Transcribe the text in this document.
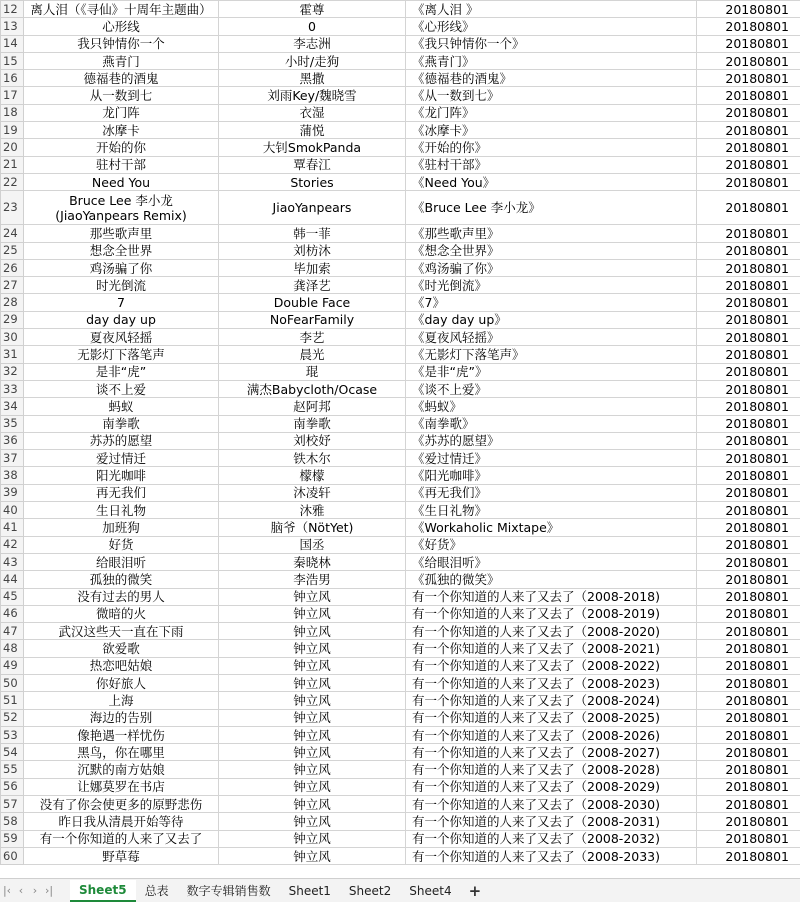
12	离人泪（《寻仙》十周年主题曲）	霍尊	《离人泪 》	20180801
13	心形线	0	《心形线》	20180801
14	我只钟情你一个	李志洲	《我只钟情你一个》	20180801
15	燕青门	小时/走狗	《燕青门》	20180801
16	德福巷的酒鬼	黑撒	《德福巷的酒鬼》	20180801
17	从一数到七	刘雨Key/魏晓雪	《从一数到七》	20180801
18	龙门阵	衣湿	《龙门阵》	20180801
19	冰摩卡	蒲悦	《冰摩卡》	20180801
20	开始的你	大钊SmokPanda	《开始的你》	20180801
21	驻村干部	覃春江	《驻村干部》	20180801
22	Need You	Stories	《Need You》	20180801
23	Bruce Lee 李小龙 (JiaoYanpears Remix)	JiaoYanpears	《Bruce Lee 李小龙》	20180801
24	那些歌声里	韩一菲	《那些歌声里》	20180801
25	想念全世界	刘枋沐	《想念全世界》	20180801
26	鸡汤骗了你	毕加索	《鸡汤骗了你》	20180801
27	时光倒流	龚泽艺	《时光倒流》	20180801
28	7	Double Face	《7》	20180801
29	day day up	NoFearFamily	《day day up》	20180801
30	夏夜风轻摇	李艺	《夏夜风轻摇》	20180801
31	无影灯下落笔声	晨光	《无影灯下落笔声》	20180801
32	是非“虎”	琨	《是非“虎”》	20180801
33	谈不上爱	满杰Babycloth/Ocase	《谈不上爱》	20180801
34	蚂蚁	赵阿邦	《蚂蚁》	20180801
35	南拳歌	南拳歌	《南拳歌》	20180801
36	苏苏的愿望	刘校妤	《苏苏的愿望》	20180801
37	爱过情迁	铁木尔	《爱过情迁》	20180801
38	阳光咖啡	檬檬	《阳光咖啡》	20180801
39	再无我们	沐凌轩	《再无我们》	20180801
40	生日礼物	沐雅	《生日礼物》	20180801
41	加班狗	脑爷（NötYet)	《Workaholic Mixtape》	20180801
42	好货	国丞	《好货》	20180801
43	给眼泪听	秦晓林	《给眼泪听》	20180801
44	孤独的微笑	李浩男	《孤独的微笑》	20180801
45	没有过去的男人	钟立风	有一个你知道的人来了又去了（2008-2018)	20180801
46	微暗的火	钟立风	有一个你知道的人来了又去了（2008-2019)	20180801
47	武汉这些天一直在下雨	钟立风	有一个你知道的人来了又去了（2008-2020)	20180801
48	欲爱歌	钟立风	有一个你知道的人来了又去了（2008-2021)	20180801
49	热恋吧姑娘	钟立风	有一个你知道的人来了又去了（2008-2022)	20180801
50	你好旅人	钟立风	有一个你知道的人来了又去了（2008-2023)	20180801
51	上海	钟立风	有一个你知道的人来了又去了（2008-2024)	20180801
52	海边的告别	钟立风	有一个你知道的人来了又去了（2008-2025)	20180801
53	像艳遇一样忧伤	钟立风	有一个你知道的人来了又去了（2008-2026)	20180801
54	黑鸟，你在哪里	钟立风	有一个你知道的人来了又去了（2008-2027)	20180801
55	沉默的南方姑娘	钟立风	有一个你知道的人来了又去了（2008-2028)	20180801
56	让娜莫罗在书店	钟立风	有一个你知道的人来了又去了（2008-2029)	20180801
57	没有了你会使更多的原野悲伤	钟立风	有一个你知道的人来了又去了（2008-2030)	20180801
58	昨日我从清晨开始等待	钟立风	有一个你知道的人来了又去了（2008-2031)	20180801
59	有一个你知道的人来了又去了	钟立风	有一个你知道的人来了又去了（2008-2032)	20180801
60	野草莓	钟立风	有一个你知道的人来了又去了（2008-2033)	20180801
|‹ ‹ › ›|	Sheet5	总表	数字专辑销售数	Sheet1	Sheet2	Sheet4	+
